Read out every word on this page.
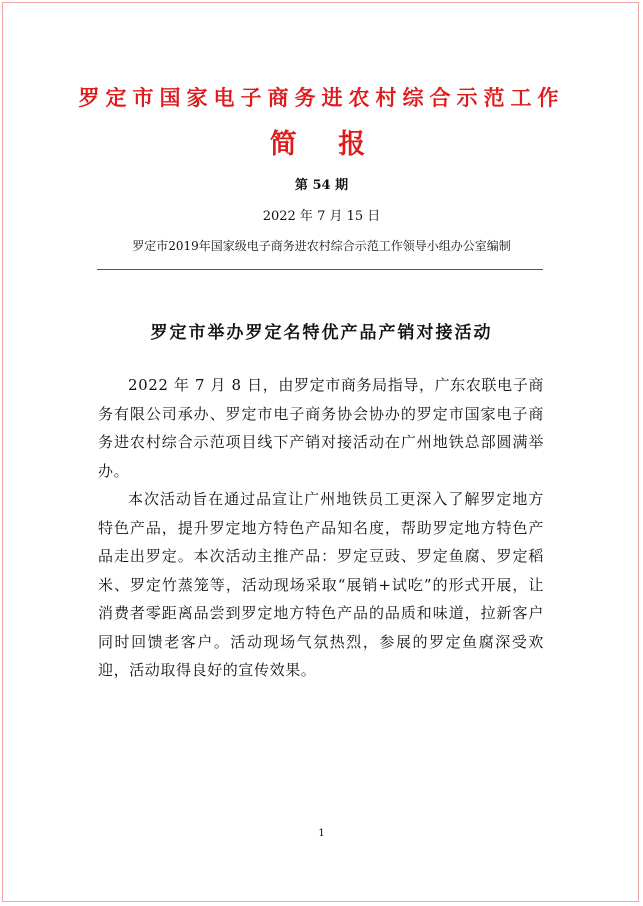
罗定市国家电子商务进农村综合示范工作
简 报
第 54 期
2022 年 7 月 15 日
罗定市2019年国家级电子商务进农村综合示范工作领导小组办公室编制
罗定市举办罗定名特优产品产销对接活动

2022 年 7 月 8 日，由罗定市商务局指导，广东农联电子商务有限公司承办、罗定市电子商务协会协办的罗定市国家电子商务进农村综合示范项目线下产销对接活动在广州地铁总部圆满举办。

本次活动旨在通过品宣让广州地铁员工更深入了解罗定地方特色产品，提升罗定地方特色产品知名度，帮助罗定地方特色产品走出罗定。本次活动主推产品：罗定豆豉、罗定鱼腐、罗定稻米、罗定竹蒸笼等，活动现场采取“展销+试吃”的形式开展，让消费者零距离品尝到罗定地方特色产品的品质和味道，拉新客户同时回馈老客户。活动现场气氛热烈，参展的罗定鱼腐深受欢迎，活动取得良好的宣传效果。

1
